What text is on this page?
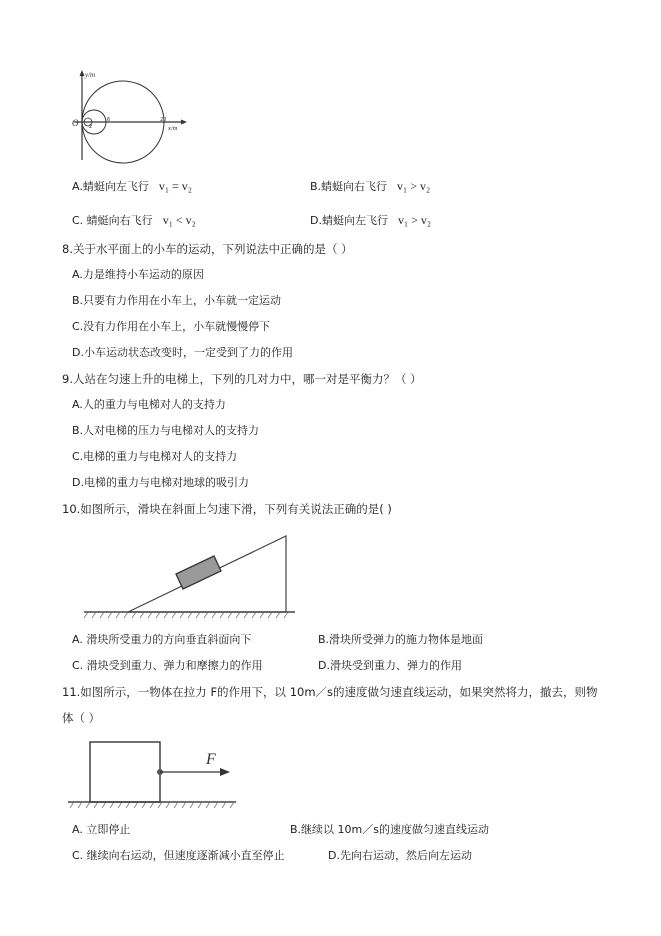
y/m
x/m
O 2
6	20
A.蜻蜓向左飞行 v₁ = v₂	B.蜻蜓向右飞行 v₁ > v₂
C. 蜻蜓向右飞行 v₁ < v₂	D.蜻蜓向左飞行 v₁ > v₂
8.关于水平面上的小车的运动，下列说法中正确的是（ ）
A.力是维持小车运动的原因
B.只要有力作用在小车上，小车就一定运动
C.没有力作用在小车上，小车就慢慢停下
D.小车运动状态改变时，一定受到了力的作用
9.人站在匀速上升的电梯上，下列的几对力中，哪一对是平衡力？（ ）
A.人的重力与电梯对人的支持力
B.人对电梯的压力与电梯对人的支持力
C.电梯的重力与电梯对人的支持力
D.电梯的重力与电梯对地球的吸引力
10.如图所示，滑块在斜面上匀速下滑，下列有关说法正确的是( )
A. 滑块所受重力的方向垂直斜面向下	B.滑块所受弹力的施力物体是地面
C. 滑块受到重力、弹力和摩擦力的作用	D.滑块受到重力、弹力的作用
11.如图所示，一物体在拉力 F的作用下，以 10m／s的速度做匀速直线运动，如果突然将力，撤去，则物
体（ ）
F
A. 立即停止	B.继续以 10m／s的速度做匀速直线运动
C. 继续向右运动，但速度逐渐减小直至停止	D.先向右运动，然后向左运动
